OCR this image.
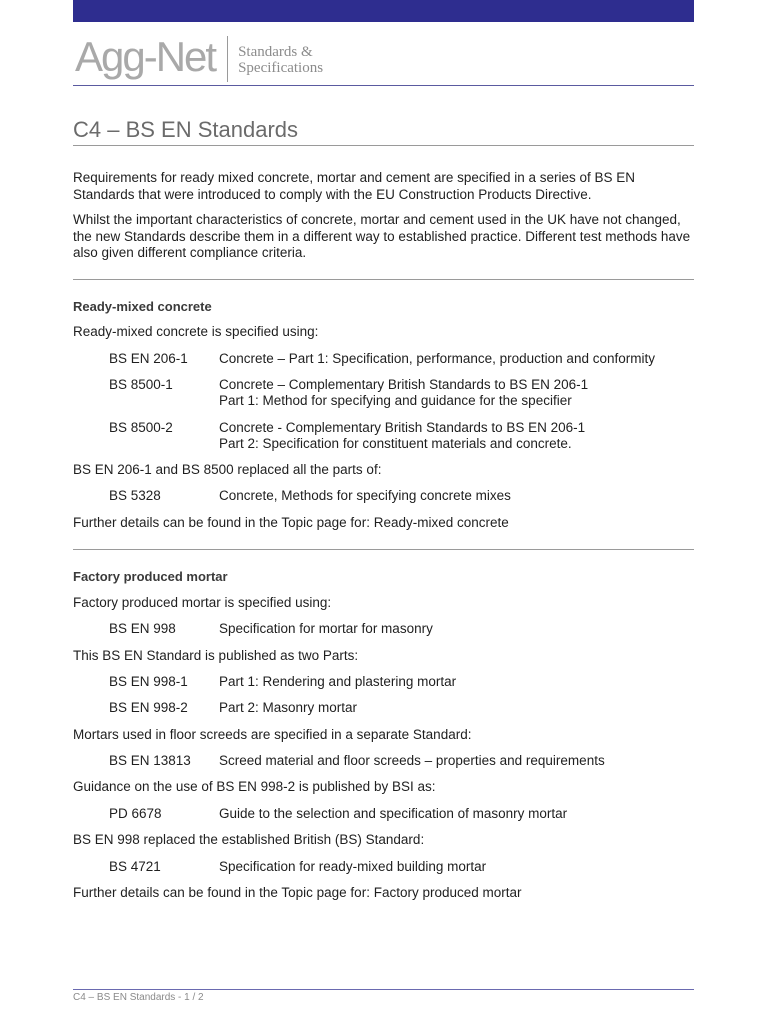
Agg-Net Standards &
Specifications
C4 – BS EN Standards

Requirements for ready mixed concrete, mortar and cement are specified in a series of BS EN Standards that were introduced to comply with the EU Construction Products Directive.

Whilst the important characteristics of concrete, mortar and cement used in the UK have not changed, the new Standards describe them in a different way to established practice. Different test methods have also given different compliance criteria.

Ready-mixed concrete

Ready-mixed concrete is specified using:

BS EN 206-1 Concrete – Part 1: Specification, performance, production and conformity

BS 8500-1	Concrete – Complementary British Standards to BS EN 206-1

Part 1: Method for specifying and guidance for the specifier

BS 8500-2	Concrete - Complementary British Standards to BS EN 206-1

Part 2: Specification for constituent materials and concrete.

BS EN 206-1 and BS 8500 replaced all the parts of:

BS 5328	Concrete, Methods for specifying concrete mixes

Further details can be found in the Topic page for: Ready-mixed concrete

Factory produced mortar

Factory produced mortar is specified using:

BS EN 998	Specification for mortar for masonry

This BS EN Standard is published as two Parts:

BS EN 998-1 Part 1: Rendering and plastering mortar

BS EN 998-2 Part 2: Masonry mortar

Mortars used in floor screeds are specified in a separate Standard:

BS EN 13813 Screed material and floor screeds – properties and requirements

Guidance on the use of BS EN 998-2 is published by BSI as:

PD 6678	Guide to the selection and specification of masonry mortar

BS EN 998 replaced the established British (BS) Standard:

BS 4721	Specification for ready-mixed building mortar

Further details can be found in the Topic page for: Factory produced mortar

C4 – BS EN Standards - 1 / 2
